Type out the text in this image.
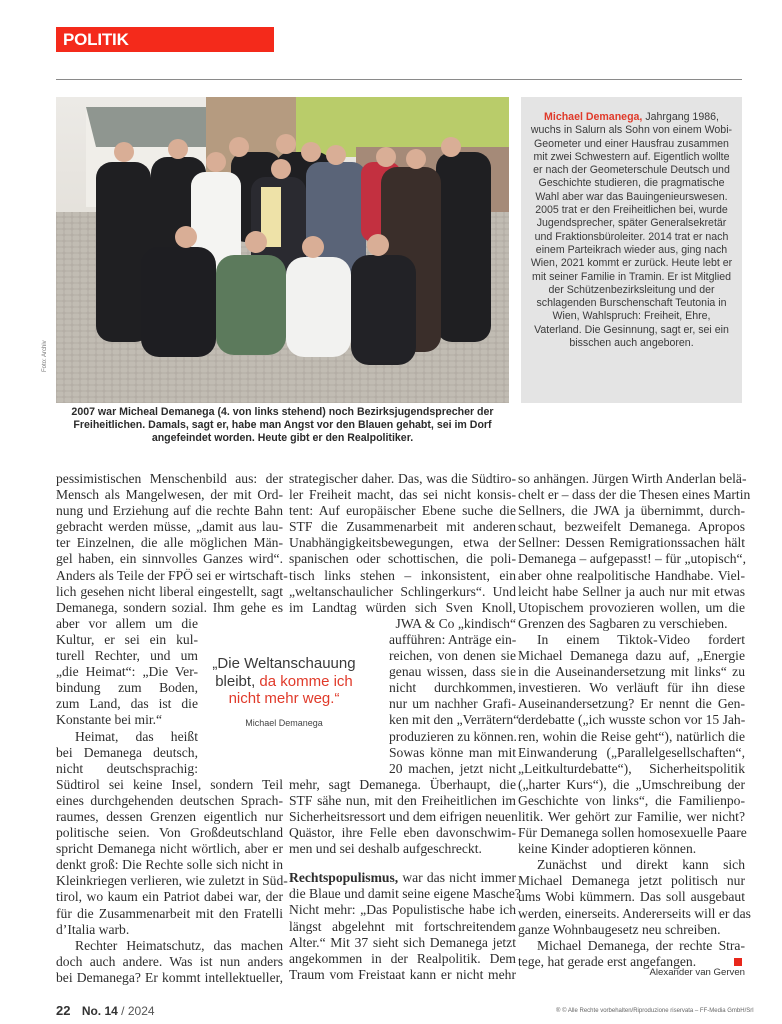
POLITIK
Foto: Archiv
2007 war Micheal Demanega (4. von links stehend) noch Bezirksjugendsprecher der Freiheitlichen. Damals, sagt er, habe man Angst vor den Blauen gehabt, sei im Dorf angefeindet worden. Heute gibt er den Realpolitiker.
Michael Demanega, Jahrgang 1986, wuchs in Salurn als Sohn von einem Wobi-Geometer und einer Hausfrau zusammen mit zwei Schwestern auf. Eigentlich wollte er nach der Geometerschule Deutsch und Geschichte studieren, die pragmatische Wahl aber war das Bauingenieurswesen.
2005 trat er den Freiheitlichen bei, wurde Jugendsprecher, später Generalsekretär und Fraktionsbüroleiter. 2014 trat er nach einem Parteikrach wieder aus, ging nach Wien, 2021 kommt er zurück. Heute lebt er mit seiner Familie in Tramin. Er ist Mitglied der Schützenbezirksleitung und der schlagenden Burschenschaft Teutonia in Wien, Wahlspruch: Freiheit, Ehre, Vaterland. Die Gesinnung, sagt er, sei ein bisschen auch angeboren.
pessimistischen Menschenbild aus: der
Mensch als Mangelwesen, der mit Ord-
nung und Erziehung auf die rechte Bahn
gebracht werden müsse, „damit aus lau-
ter Einzelnen, die alle möglichen Män-
gel haben, ein sinnvolles Ganzes wird“.
Anders als Teile der FPÖ sei er wirtschaft-
lich gesehen nicht liberal eingestellt, sagt
Demanega, sondern sozial. Ihm gehe es
aber vor allem um die
Kultur, er sei ein kul-
turell Rechter, und um
„die Heimat“: „Die Ver-
bindung zum Boden,
zum Land, das ist die
Konstante bei mir.“
Heimat, das heißt
bei Demanega deutsch,
nicht deutschsprachig:
Südtirol sei keine Insel, sondern Teil
eines durchgehenden deutschen Sprach-
raumes, dessen Grenzen eigentlich nur
politische seien. Von Großdeutschland
spricht Demanega nicht wörtlich, aber er
denkt groß: Die Rechte solle sich nicht in
Kleinkriegen verlieren, wie zuletzt in Süd-
tirol, wo kaum ein Patriot dabei war, der
für die Zusammenarbeit mit den Fratelli
d’Italia warb.
Rechter Heimatschutz, das machen
doch auch andere. Was ist nun anders
bei Demanega? Er kommt intellektueller,
„Die Weltanschauung bleibt, da komme ich nicht mehr weg.“
Michael Demanega
strategischer daher. Das, was die Südtiro-
ler Freiheit macht, das sei nicht konsis-
tent: Auf europäischer Ebene suche die
STF die Zusammenarbeit mit anderen
Unabhängigkeitsbewegungen, etwa der
spanischen oder schottischen, die poli-
tisch links stehen – inkonsistent, ein
„weltanschaulicher Schlingerkurs“. Und
im Landtag würden sich Sven Knoll,
JWA & Co „kindisch“
aufführen: Anträge ein-
reichen, von denen sie
genau wissen, dass sie
nicht durchkommen,
nur um nachher Grafi-
ken mit den „Verrätern“
produzieren zu können.
Sowas könne man mit
20 machen, jetzt nicht
mehr, sagt Demanega. Überhaupt, die
STF sähe nun, mit den Freiheitlichen im
Sicherheitsressort und dem eifrigen neuen
Quästor, ihre Felle eben davonschwim-
men und sei deshalb aufgeschreckt.
Rechtspopulismus, war das nicht immer
die Blaue und damit seine eigene Masche?
Nicht mehr: „Das Populistische habe ich
längst abgelehnt mit fortschreitendem
Alter.“ Mit 37 sieht sich Demanega jetzt
angekommen in der Realpolitik. Dem
Traum vom Freistaat kann er nicht mehr
so anhängen. Jürgen Wirth Anderlan belä-
chelt er – dass der die Thesen eines Martin
Sellners, die JWA ja übernimmt, durch-
schaut, bezweifelt Demanega. Apropos
Sellner: Dessen Remigrationssachen hält
Demanega – aufgepasst! – für „utopisch“,
aber ohne realpolitische Handhabe. Viel-
leicht habe Sellner ja auch nur mit etwas
Utopischem provozieren wollen, um die
Grenzen des Sagbaren zu verschieben.
In einem Tiktok-Video fordert
Michael Demanega dazu auf, „Energie
in die Auseinandersetzung mit links“ zu
investieren. Wo verläuft für ihn diese
Auseinandersetzung? Er nennt die Gen-
derdebatte („ich wusste schon vor 15 Jah-
ren, wohin die Reise geht“), natürlich die
Einwanderung („Parallelgesellschaften“,
„Leitkulturdebatte“), Sicherheitspolitik
(„harter Kurs“), die „Umschreibung der
Geschichte von links“, die Familienpo-
litik. Wer gehört zur Familie, wer nicht?
Für Demanega sollen homosexuelle Paare
keine Kinder adoptieren können.
Zunächst und direkt kann sich
Michael Demanega jetzt politisch nur
ums Wobi kümmern. Das soll ausgebaut
werden, einerseits. Andererseits will er das
ganze Wohnbaugesetz neu schreiben.
Michael Demanega, der rechte Stra-
tege, hat gerade erst angefangen.
Alexander van Gerven
22 No. 14 / 2024	® © Alle Rechte vorbehalten/Riproduzione riservata – FF-Media GmbH/Srl
